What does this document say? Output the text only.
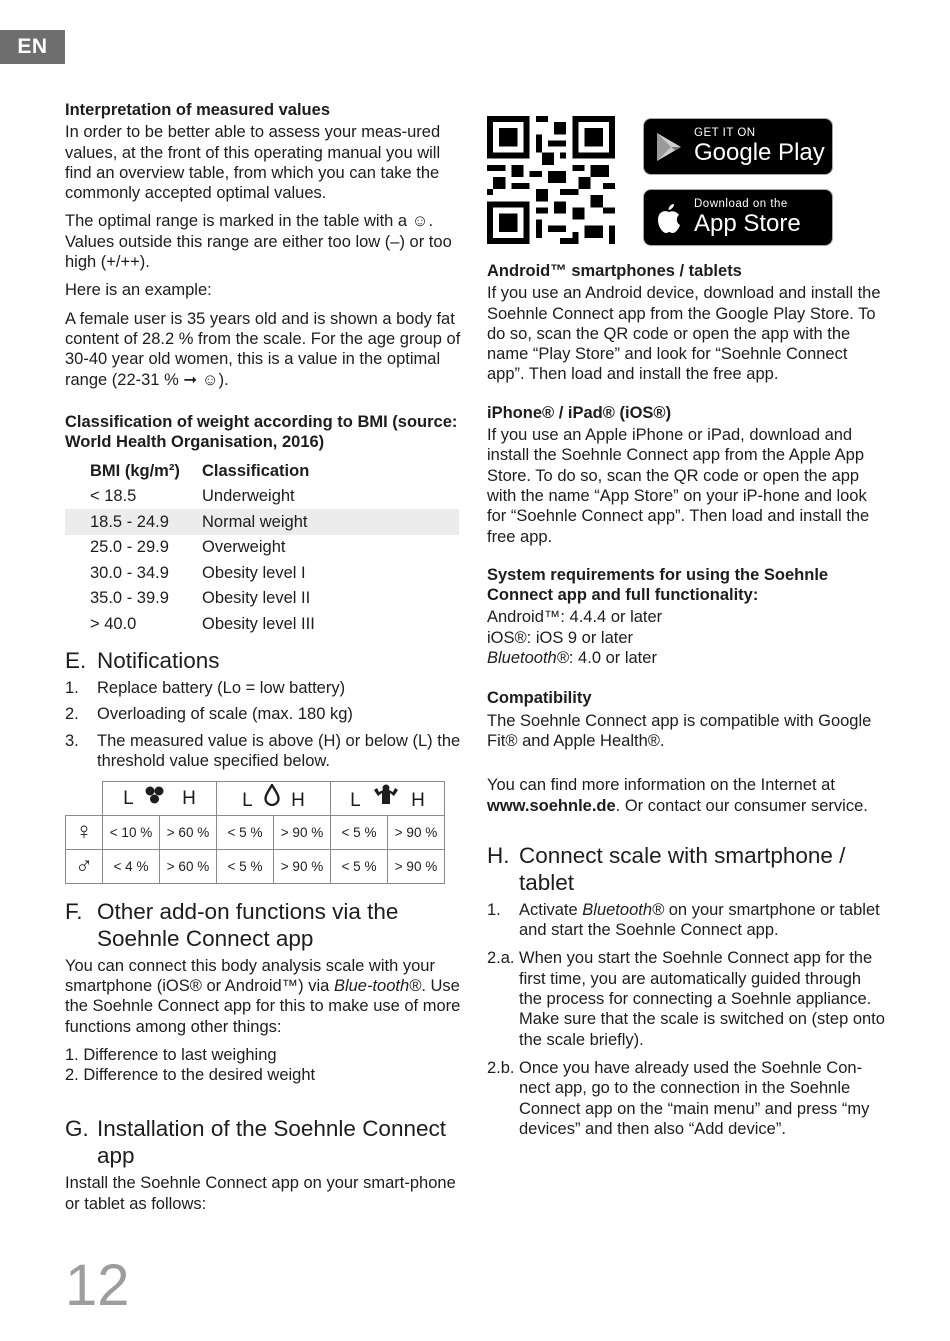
EN
Interpretation of measured values

In order to be better able to assess your meas-ured values, at the front of this operating manual you will find an overview table, from which you can take the commonly accepted optimal values.

The optimal range is marked in the table with a ☺. Values outside this range are either too low (–) or too high (+/++).

Here is an example:

A female user is 35 years old and is shown a body fat content of 28.2 % from the scale. For the age group of 30-40 year old women, this is a value in the optimal range (22-31 % ➞ ☺).

Classification of weight according to BMI (source: World Health Organisation, 2016)
BMI (kg/m²)	Classification
< 18.5	Underweight
18.5 - 24.9	Normal weight
25.0 - 29.9	Overweight
30.0 - 34.9	Obesity level I
35.0 - 39.9	Obesity level II
> 40.0	Obesity level III
E. Notifications
1.	Replace battery (Lo = low battery)
2.	Overloading of scale (max. 180 kg)
3.	The measured value is above (H) or below (L) the threshold value specified below.
	L H		L H		L H	
♀	< 10 %	> 60 %	< 5 %	> 90 %	< 5 %	> 90 %
♂	< 4 %	> 60 %	< 5 %	> 90 %	< 5 %	> 90 %
F. Other add-on functions via the Soehnle Connect app

You can connect this body analysis scale with your smartphone (iOS® or Android™) via Blue-tooth®. Use the Soehnle Connect app for this to make use of more functions among other things:

1. Difference to last weighing
2. Difference to the desired weight
G. Installation of the Soehnle Connect app

Install the Soehnle Connect app on your smart-phone or tablet as follows:

GET IT ON
Google Play
Download on the
App Store
Android™ smartphones / tablets

If you use an Android device, download and install the Soehnle Connect app from the Google Play Store. To do so, scan the QR code or open the app with the name “Play Store” and look for “Soehnle Connect app”. Then load and install the free app.

iPhone® / iPad® (iOS®)

If you use an Apple iPhone or iPad, download and install the Soehnle Connect app from the Apple App Store. To do so, scan the QR code or open the app with the name “App Store” on your iP-hone and look for “Soehnle Connect app”. Then load and install the free app.

System requirements for using the Soehnle Connect app and full functionality:
Android™: 4.4.4 or later
iOS®: iOS 9 or later
Bluetooth®: 4.0 or later
Compatibility

The Soehnle Connect app is compatible with Google Fit® and Apple Health®.

You can find more information on the Internet at
www.soehnle.de. Or contact our consumer service.

H. Connect scale with smartphone / tablet
1.	Activate Bluetooth® on your smartphone or tablet and start the Soehnle Connect app.
2.a. When you start the Soehnle Connect app for the first time, you are automatically guided through the process for connecting a Soehnle appliance. Make sure that the scale is switched on (step onto the scale briefly).
2.b. Once you have already used the Soehnle Con-nect app, go to the connection in the Soehnle Connect app on the “main menu” and press “my devices” and then also “Add device”.
12
